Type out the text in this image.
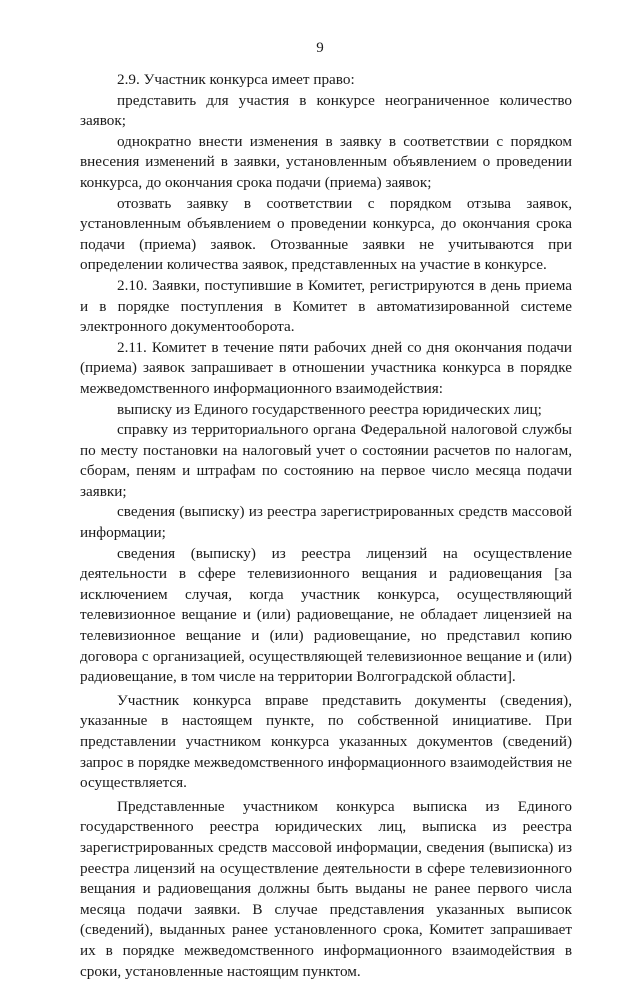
9

2.9. Участник конкурса имеет право:

представить для участия в конкурсе неограниченное количество заявок;

однократно внести изменения в заявку в соответствии с порядком внесения изменений в заявки, установленным объявлением о проведении конкурса, до окончания срока подачи (приема) заявок;

отозвать заявку в соответствии с порядком отзыва заявок, установленным объявлением о проведении конкурса, до окончания срока подачи (приема) заявок. Отозванные заявки не учитываются при определении количества заявок, представленных на участие в конкурсе.

2.10. Заявки, поступившие в Комитет, регистрируются в день приема и в порядке поступления в Комитет в автоматизированной системе электронного документооборота.

2.11. Комитет в течение пяти рабочих дней со дня окончания подачи (приема) заявок запрашивает в отношении участника конкурса в порядке межведомственного информационного взаимодействия:

выписку из Единого государственного реестра юридических лиц;

справку из территориального органа Федеральной налоговой службы по месту постановки на налоговый учет о состоянии расчетов по налогам, сборам, пеням и штрафам по состоянию на первое число месяца подачи заявки;

сведения (выписку) из реестра зарегистрированных средств массовой информации;

сведения (выписку) из реестра лицензий на осуществление деятельности в сфере телевизионного вещания и радиовещания [за исключением случая, когда участник конкурса, осуществляющий телевизионное вещание и (или) радиовещание, не обладает лицензией на телевизионное вещание и (или) радиовещание, но представил копию договора с организацией, осуществляющей телевизионное вещание и (или) радиовещание, в том числе на территории Волгоградской области].

Участник конкурса вправе представить документы (сведения), указанные в настоящем пункте, по собственной инициативе. При представлении участником конкурса указанных документов (сведений) запрос в порядке межведомственного информационного взаимодействия не осуществляется.

Представленные участником конкурса выписка из Единого государственного реестра юридических лиц, выписка из реестра зарегистрированных средств массовой информации, сведения (выписка) из реестра лицензий на осуществление деятельности в сфере телевизионного вещания и радиовещания должны быть выданы не ранее первого числа месяца подачи заявки. В случае представления указанных выписок (сведений), выданных ранее установленного срока, Комитет запрашивает их в порядке межведомственного информационного взаимодействия в сроки, установленные настоящим пунктом.
